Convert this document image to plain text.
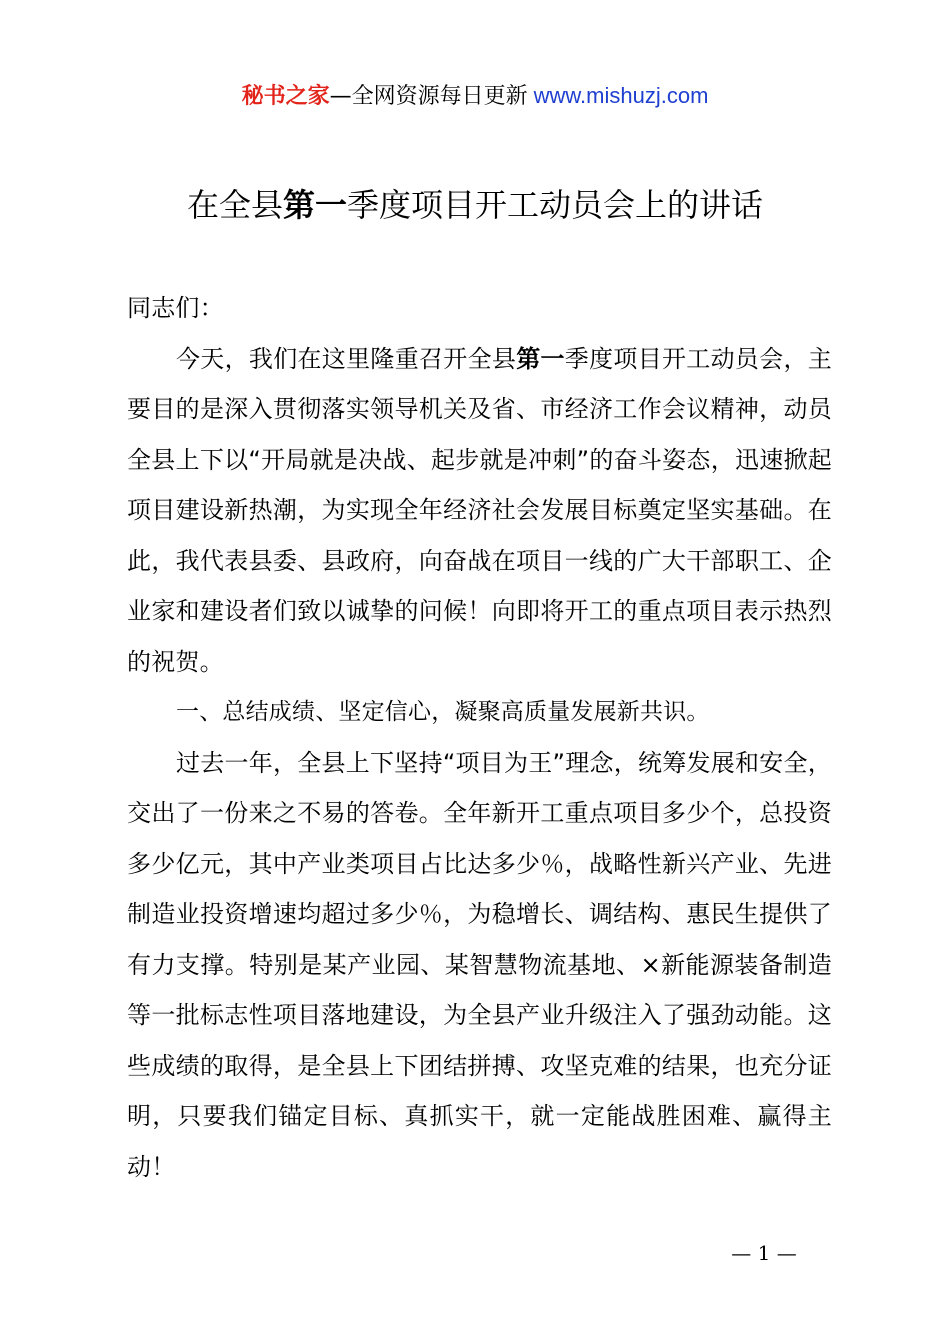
秘书之家—全网资源每日更新 www.mishuzj.com
在全县第一季度项目开工动员会上的讲话

同志们：

今天，我们在这里隆重召开全县第一季度项目开工动员会，主要目的是深入贯彻落实领导机关及省、市经济工作会议精神，动员全县上下以“开局就是决战、起步就是冲刺”的奋斗姿态，迅速掀起项目建设新热潮，为实现全年经济社会发展目标奠定坚实基础。在此，我代表县委、县政府，向奋战在项目一线的广大干部职工、企业家和建设者们致以诚挚的问候！向即将开工的重点项目表示热烈的祝贺。

一、总结成绩、坚定信心，凝聚高质量发展新共识。

过去一年，全县上下坚持“项目为王”理念，统筹发展和安全，交出了一份来之不易的答卷。全年新开工重点项目多少个，总投资多少亿元，其中产业类项目占比达多少％，战略性新兴产业、先进制造业投资增速均超过多少％，为稳增长、调结构、惠民生提供了有力支撑。特别是某产业园、某智慧物流基地、×新能源装备制造等一批标志性项目落地建设，为全县产业升级注入了强劲动能。这些成绩的取得，是全县上下团结拼搏、攻坚克难的结果，也充分证明，只要我们锚定目标、真抓实干，就一定能战胜困难、赢得主动！

— 1 —
